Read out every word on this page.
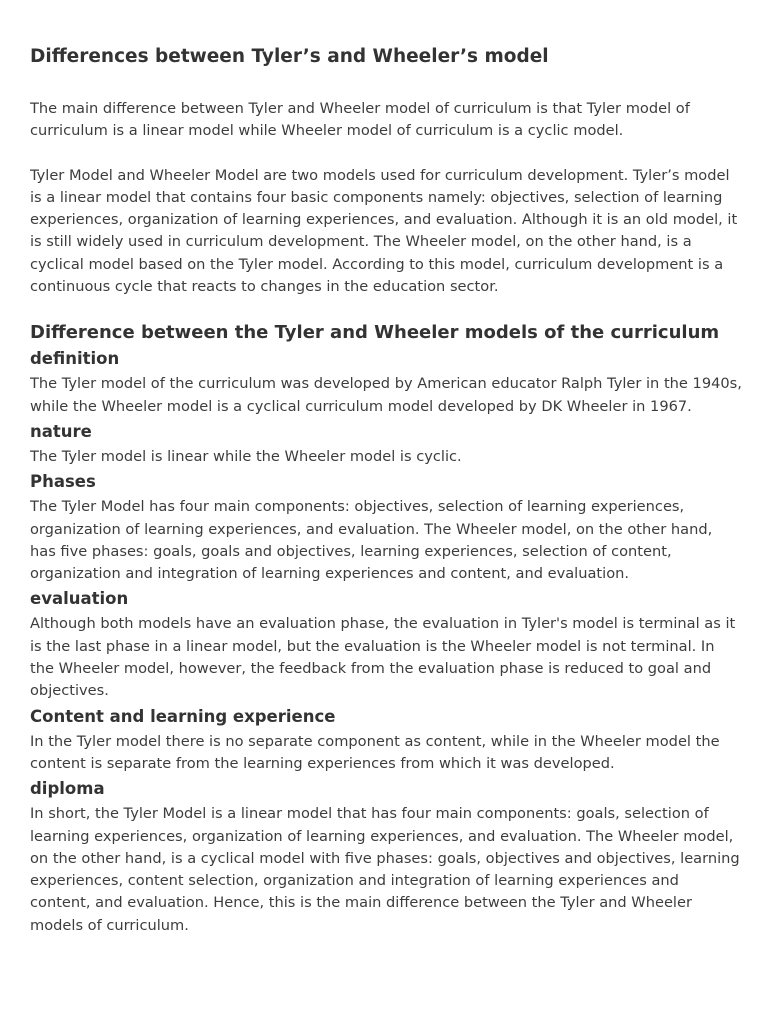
Differences between Tyler’s and Wheeler’s model

The main difference between Tyler and Wheeler model of curriculum is that Tyler model of curriculum is a linear model while Wheeler model of curriculum is a cyclic model.

Tyler Model and Wheeler Model are two models used for curriculum development. Tyler’s model is a linear model that contains four basic components namely: objectives, selection of learning experiences, organization of learning experiences, and evaluation. Although it is an old model, it is still widely used in curriculum development. The Wheeler model, on the other hand, is a cyclical model based on the Tyler model. According to this model, curriculum development is a continuous cycle that reacts to changes in the education sector.

Difference between the Tyler and Wheeler models of the curriculum
definition

The Tyler model of the curriculum was developed by American educator Ralph Tyler in the 1940s, while the Wheeler model is a cyclical curriculum model developed by DK Wheeler in 1967.

nature

The Tyler model is linear while the Wheeler model is cyclic.

Phases

The Tyler Model has four main components: objectives, selection of learning experiences, organization of learning experiences, and evaluation. The Wheeler model, on the other hand, has five phases: goals, goals and objectives, learning experiences, selection of content, organization and integration of learning experiences and content, and evaluation.

evaluation

Although both models have an evaluation phase, the evaluation in Tyler's model is terminal as it is the last phase in a linear model, but the evaluation is the Wheeler model is not terminal. In the Wheeler model, however, the feedback from the evaluation phase is reduced to goal and objectives.

Content and learning experience

In the Tyler model there is no separate component as content, while in the Wheeler model the content is separate from the learning experiences from which it was developed.

diploma

In short, the Tyler Model is a linear model that has four main components: goals, selection of learning experiences, organization of learning experiences, and evaluation. The Wheeler model, on the other hand, is a cyclical model with five phases: goals, objectives and objectives, learning experiences, content selection, organization and integration of learning experiences and content, and evaluation. Hence, this is the main difference between the Tyler and Wheeler models of curriculum.
